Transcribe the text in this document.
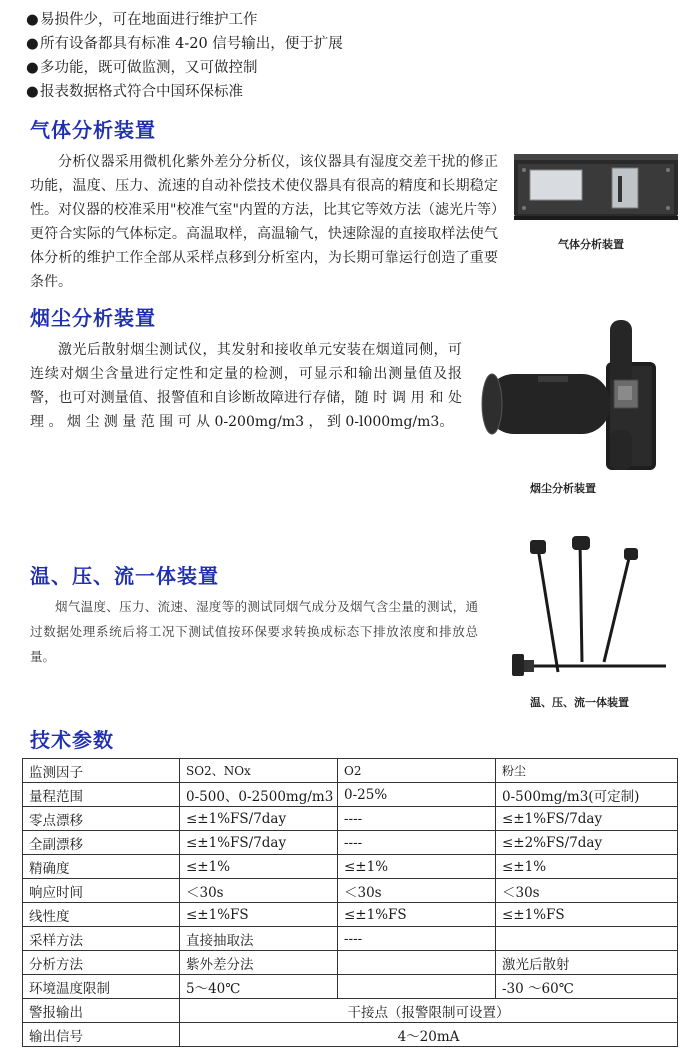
●易损件少，可在地面进行维护工作
●所有设备都具有标准 4-20 信号输出，便于扩展
●多功能，既可做监测，又可做控制
●报表数据格式符合中国环保标准
气体分析装置

分析仪器采用微机化紫外差分分析仪，该仪器具有湿度交差干扰的修正功能，温度、压力、流速的自动补偿技术使仪器具有很高的精度和长期稳定性。对仪器的校准采用"校准气室"内置的方法，比其它等效方法（滤光片等）更符合实际的气体标定。高温取样，高温输气，快速除湿的直接取样法使气体分析的维护工作全部从采样点移到分析室内，为长期可靠运行创造了重要条件。

气体分析装置
烟尘分析装置

激光后散射烟尘测试仪，其发射和接收单元安装在烟道同侧，可连续对烟尘含量进行定性和定量的检测，可显示和输出测量值及报警，也可对测量值、报警值和自诊断故障进行存储，随 时 调 用 和 处 理 。 烟 尘 测 量 范 围 可 从 0-200mg/m3 ， 到 0-l000mg/m3。

烟尘分析装置
温、压、流一体装置

烟气温度、压力、流速、湿度等的测试同烟气成分及烟气含尘量的测试，通过数据处理系统后将工况下测试值按环保要求转换成标态下排放浓度和排放总量。

温、压、流一体装置
技术参数
监测因子	SO2、NOx	O2	粉尘
量程范围	0-500、0-2500mg/m3	0-25%	0-500mg/m3(可定制)
零点漂移	≤±1%FS/7day	----	≤±1%FS/7day
全副漂移	≤±1%FS/7day	----	≤±2%FS/7day
精确度	≤±1%	≤±1%	≤±1%
响应时间	＜30s	＜30s	＜30s
线性度	≤±1%FS	≤±1%FS	≤±1%FS
采样方法	直接抽取法	----	
分析方法	紫外差分法		激光后散射
环境温度限制	5～40℃		-30 ～60℃
警报输出	干接点（报警限制可设置）		
输出信号	4～20mA		
